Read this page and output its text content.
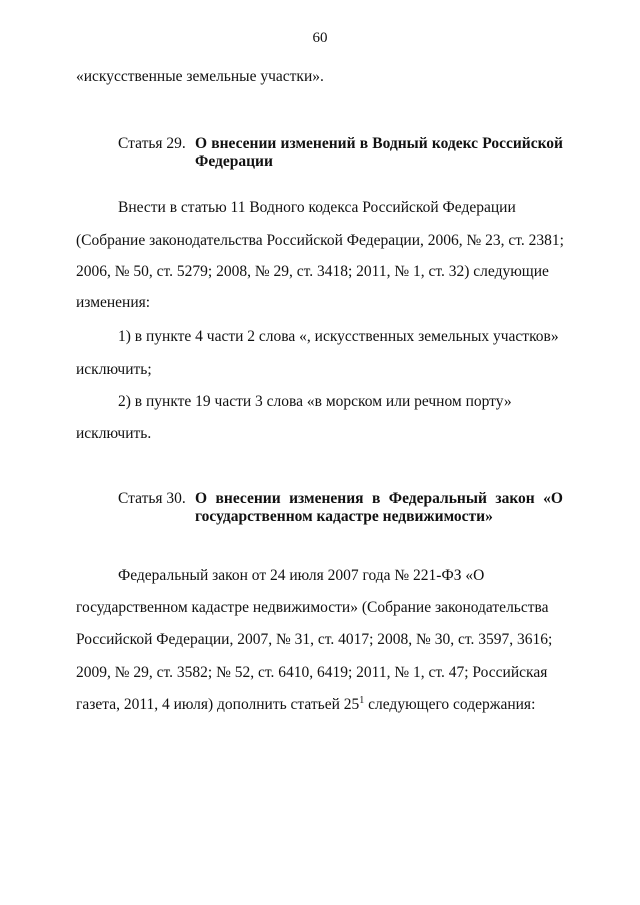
60
«искусственные земельные участки».
Статья 29. О внесении изменений в Водный кодекс Российской
Федерации
Внести в статью 11 Водного кодекса Российской Федерации
(Собрание законодательства Российской Федерации, 2006, № 23, ст. 2381;
2006, № 50, ст. 5279; 2008, № 29, ст. 3418; 2011, № 1, ст. 32) следующие
изменения:
1) в пункте 4 части 2 слова «, искусственных земельных участков»
исключить;
2) в пункте 19 части 3 слова «в морском или речном порту»
исключить.
Статья 30. О внесении изменения в Федеральный закон «О
государственном кадастре недвижимости»
Федеральный закон от 24 июля 2007 года № 221-ФЗ «О
государственном кадастре недвижимости» (Собрание законодательства
Российской Федерации, 2007, № 31, ст. 4017; 2008, № 30, ст. 3597, 3616;
2009, № 29, ст. 3582; № 52, ст. 6410, 6419; 2011, № 1, ст. 47; Российская
газета, 2011, 4 июля) дополнить статьей $25^1$ следующего содержания:
